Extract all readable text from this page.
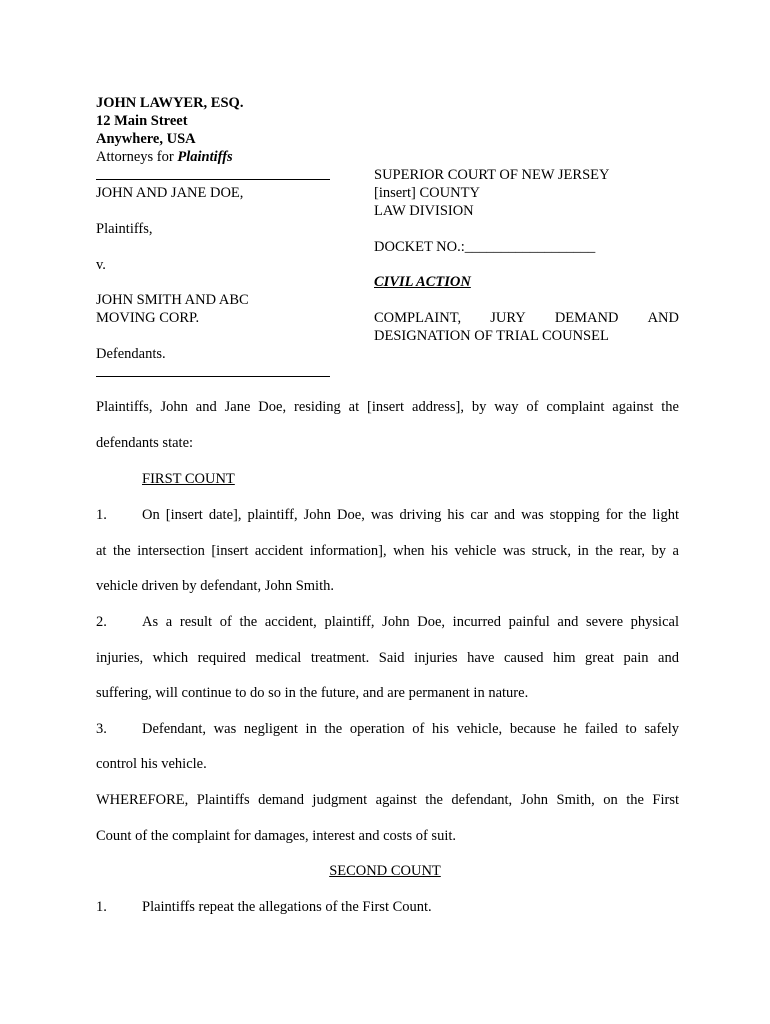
JOHN LAWYER, ESQ.
12 Main Street
Anywhere, USA
Attorneys for Plaintiffs
JOHN AND JANE DOE,
Plaintiffs,
v.
JOHN SMITH AND ABC
MOVING CORP.
Defendants.
SUPERIOR COURT OF NEW JERSEY
[insert] COUNTY
LAW DIVISION
DOCKET NO.:__________________
CIVIL ACTION
COMPLAINT, JURY DEMAND AND
DESIGNATION OF TRIAL COUNSEL
Plaintiffs, John and Jane Doe, residing at [insert address], by way of complaint against the
defendants state:
FIRST COUNT
1. On [insert date], plaintiff, John Doe, was driving his car and was stopping for the light
at the intersection [insert accident information], when his vehicle was struck, in the rear, by a
vehicle driven by defendant, John Smith.
2. As a result of the accident, plaintiff, John Doe, incurred painful and severe physical
injuries, which required medical treatment. Said injuries have caused him great pain and
suffering, will continue to do so in the future, and are permanent in nature.
3. Defendant, was negligent in the operation of his vehicle, because he failed to safely
control his vehicle.
WHEREFORE, Plaintiffs demand judgment against the defendant, John Smith, on the First
Count of the complaint for damages, interest and costs of suit.
SECOND COUNT
1. Plaintiffs repeat the allegations of the First Count.
